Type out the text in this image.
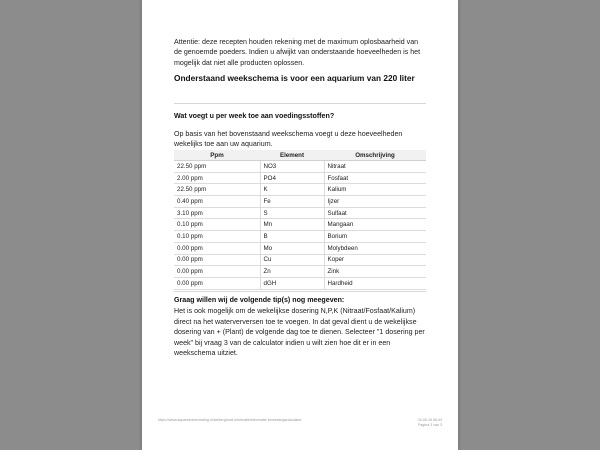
Attentie: deze recepten houden rekening met de maximum oplosbaarheid van de genoemde poeders. Indien u afwijkt van onderstaande hoeveelheden is het mogelijk dat niet alle producten oplossen.

Onderstaand weekschema is voor een aquarium van 220 liter
Wat voegt u per week toe aan voedingsstoffen?

Op basis van het bovenstaand weekschema voegt u deze hoeveelheden wekelijks toe aan uw aquarium.

Ppm	Element	Omschrijving
22.50 ppm	NO3	Nitraat
2.00 ppm	PO4	Fosfaat
22.50 ppm	K	Kalium
0.40 ppm	Fe	Ijzer
3.10 ppm	S	Sulfaat
0.10 ppm	Mn	Mangaan
0.10 ppm	B	Borium
0.00 ppm	Mo	Molybdeen
0.00 ppm	Cu	Koper
0.00 ppm	Zn	Zink
0.00 ppm	dGH	Hardheid
Graag willen wij de volgende tip(s) nog meegeven:

Het is ook mogelijk om de wekelijkse dosering N,P,K (Nitraat/Fosfaat/Kalium) direct na het waterverversen toe te voegen. In dat geval dient u de wekelijkse dosering van + (Plant) de volgende dag toe te dienen. Selecteer "1 dosering per week" bij vraag 3 van de calculator indien u wilt zien hoe dit er in een weekschema uitziet.

https://www.aquariumbemesting.nl/achtergrond-informatie/informatie-bemestingscalculator	04-05-16 06:44
Pagina 3 van 3
